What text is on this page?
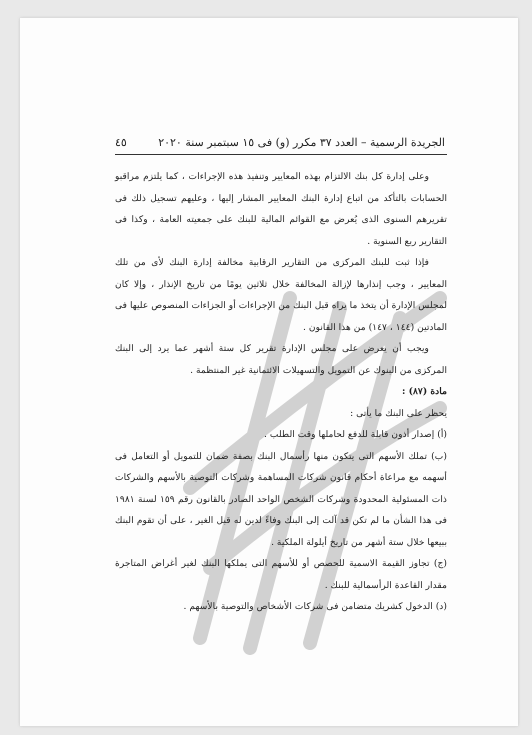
الجريدة الرسمية – العدد ٣٧ مكرر (و) فى ١٥ سبتمبر سنة ٢٠٢٠
٤٥

وعلى إدارة كل بنك الالتزام بهذه المعايير وتنفيذ هذه الإجراءات ، كما يلتزم مراقبو الحسابات بالتأكد من اتباع إدارة البنك المعايير المشار إليها ، وعليهم تسجيل ذلك فى تقريرهم السنوى الذى يُعرض مع القوائم المالية للبنك على جمعيته العامة ، وكذا فى التقارير ربع السنوية .

فإذا ثبت للبنك المركزى من التقارير الرقابية مخالفة إدارة البنك لأى من تلك المعايير ، وجب إنذارها لإزالة المخالفة خلال ثلاثين يومًا من تاريخ الإنذار ، وإلا كان لمجلس الإدارة أن يتخذ ما يراه قبل البنك من الإجراءات أو الجزاءات المنصوص عليها فى المادتين (١٤٤ ، ١٤٧) من هذا القانون .

ويجب أن يعرض على مجلس الإدارة تقرير كل ستة أشهر عما يرد إلى البنك المركزى من البنوك عن التمويل والتسهيلات الائتمانية غير المنتظمة .

مادة (٨٧) :

يحظر على البنك ما يأتى :

(أ) إصدار أذون قابلة للدفع لحاملها وقت الطلب .

(ب) تملك الأسهم التى يتكون منها رأسمال البنك بصفة ضمان للتمويل أو التعامل فى أسهمه مع مراعاة أحكام قانون شركات المساهمة وشركات التوصية بالأسهم والشركات ذات المسئولية المحدودة وشركات الشخص الواحد الصادر بالقانون رقم ١٥٩ لسنة ١٩٨١ فى هذا الشأن ما لم تكن قد آلت إلى البنك وفاءً لدين له قبل الغير ، على أن تقوم البنك ببيعها خلال ستة أشهر من تاريخ أيلولة الملكية .

(ج) تجاوز القيمة الاسمية للحصص أو للأسهم التى يملكها البنك لغير أغراض المتاجرة مقدار القاعدة الرأسمالية للبنك .

(د) الدخول كشريك متضامن فى شركات الأشخاص والتوصية بالأسهم .
